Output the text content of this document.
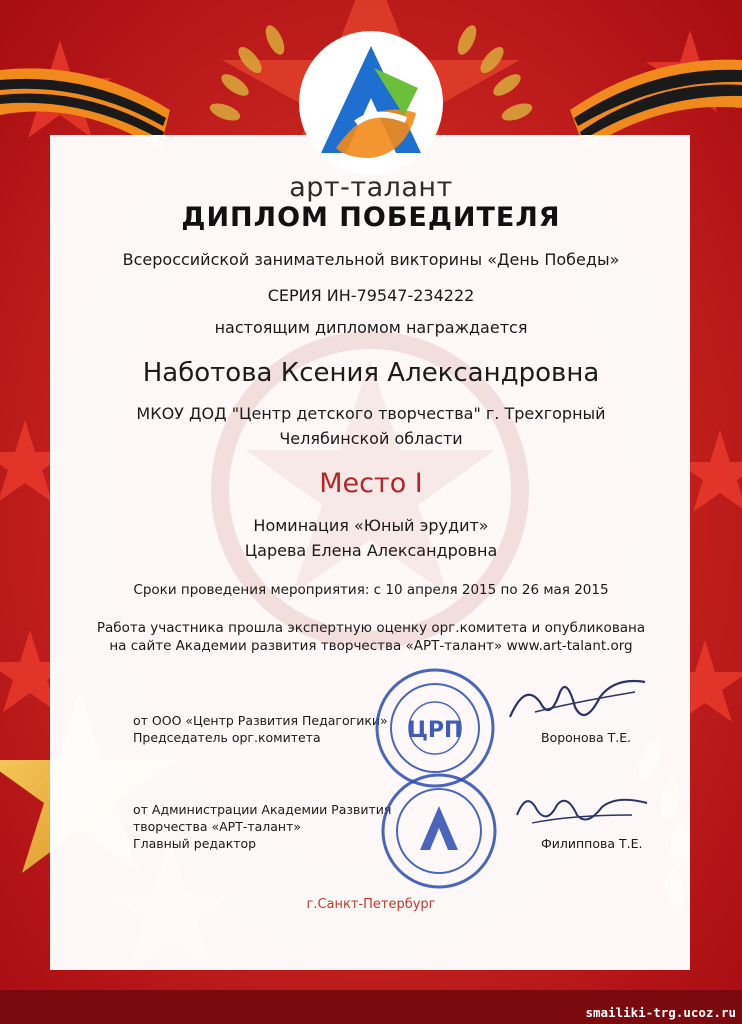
арт-талант
ДИПЛОМ ПОБЕДИТЕЛЯ
Всероссийской занимательной викторины «День Победы»
СЕРИЯ ИН-79547-234222
настоящим дипломом награждается
Наботова Ксения Александровна
МКОУ ДОД "Центр детского творчества" г. Трехгорный
Челябинской области
Место I
Номинация «Юный эрудит»
Царева Елена Александровна
Сроки проведения мероприятия: с 10 апреля 2015 по 26 мая 2015
Работа участника прошла экспертную оценку орг.комитета и опубликована
на сайте Академии развития творчества «АРТ-талант» www.art-talant.org
от ООО «Центр Развития Педагогики»
Председатель орг.комитета	Воронова Т.Е.
ЦРП
от Администрации Академии Развития
творчества «АРТ-талант»
Главный редактор	Филиппова Т.Е.
г.Санкт-Петербург
smailiki-trg.ucoz.ru
